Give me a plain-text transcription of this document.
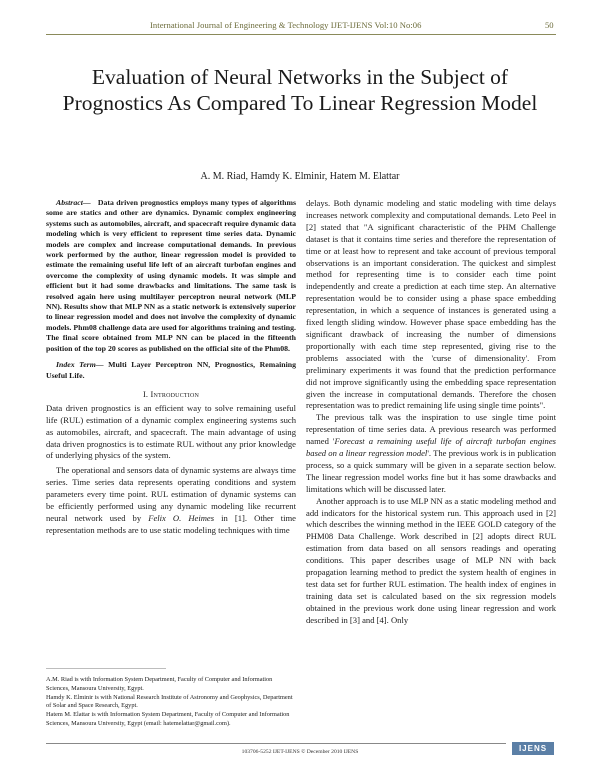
International Journal of Engineering & Technology IJET-IJENS Vol:10 No:06	50
Evaluation of Neural Networks in the Subject of Prognostics As Compared To Linear Regression Model
A. M. Riad, Hamdy K. Elminir, Hatem M. Elattar

Abstract— Data driven prognostics employs many types of algorithms some are statics and other are dynamics. Dynamic complex engineering systems such as automobiles, aircraft, and spacecraft require dynamic data modeling which is very efficient to represent time series data. Dynamic models are complex and increase computational demands. In previous work performed by the author, linear regression model is provided to estimate the remaining useful life left of an aircraft turbofan engines and overcome the complexity of using dynamic models. It was simple and efficient but it had some drawbacks and limitations. The same task is resolved again here using multilayer perceptron neural network (MLP NN). Results show that MLP NN as a static network is extensively superior to linear regression model and does not involve the complexity of dynamic models. Phm08 challenge data are used for algorithms training and testing. The final score obtained from MLP NN can be placed in the fifteenth position of the top 20 scores as published on the official site of the Phm08.

Index Term— Multi Layer Perceptron NN, Prognostics, Remaining Useful Life.

I. Introduction

Data driven prognostics is an efficient way to solve remaining useful life (RUL) estimation of a dynamic complex engineering systems such as automobiles, aircraft, and spacecraft. The main advantage of using data driven prognostics is to estimate RUL without any prior knowledge of underlying physics of the system.

The operational and sensors data of dynamic systems are always time series. Time series data represents operating conditions and system parameters every time point. RUL estimation of dynamic systems can be efficiently performed using any dynamic modeling like recurrent neural network used by Felix O. Heimes in [1]. Other time representation methods are to use static modeling techniques with time

delays. Both dynamic modeling and static modeling with time delays increases network complexity and computational demands. Leto Peel in [2] stated that "A significant characteristic of the PHM Challenge dataset is that it contains time series and therefore the representation of time or at least how to represent and take account of previous temporal observations is an important consideration. The quickest and simplest method for representing time is to consider each time point independently and create a prediction at each time step. An alternative representation would be to consider using a phase space embedding representation, in which a sequence of instances is generated using a fixed length sliding window. However phase space embedding has the significant drawback of increasing the number of dimensions proportionally with each time step represented, giving rise to the problems associated with the 'curse of dimensionality'. From preliminary experiments it was found that the prediction performance did not improve significantly using the embedding space representation given the increase in computational demands. Therefore the chosen representation was to predict remaining life using single time points".

The previous talk was the inspiration to use single time point representation of time series data. A previous research was performed named 'Forecast a remaining useful life of aircraft turbofan engines based on a linear regression model'. The previous work is in publication process, so a quick summary will be given in a separate section below. The linear regression model works fine but it has some drawbacks and limitations which will be discussed later.

Another approach is to use MLP NN as a static modeling method and add indicators for the historical system run. This approach used in [2] which describes the winning method in the IEEE GOLD category of the PHM08 Data Challenge. Work described in [2] adopts direct RUL estimation from data based on all sensors readings and operating conditions. This paper describes usage of MLP NN with back propagation learning method to predict the system health of engines in test data set for further RUL estimation. The health index of engines in training data set is calculated based on the six regression models obtained in the previous work done using linear regression and work described in [3] and [4]. Only

A.M. Riad is with Information System Department, Faculty of Computer and Information Sciences, Mansoura University, Egypt.

Hamdy K. Elminir is with National Research Institute of Astronomy and Geophysics, Department of Solar and Space Research, Egypt.

Hatem M. Elattar is with Information System Department, Faculty of Computer and Information Sciences, Mansoura University, Egypt (email: hatemelattar@gmail.com).

103706-5252 IJET-IJENS © December 2010 IJENS	IJENS
